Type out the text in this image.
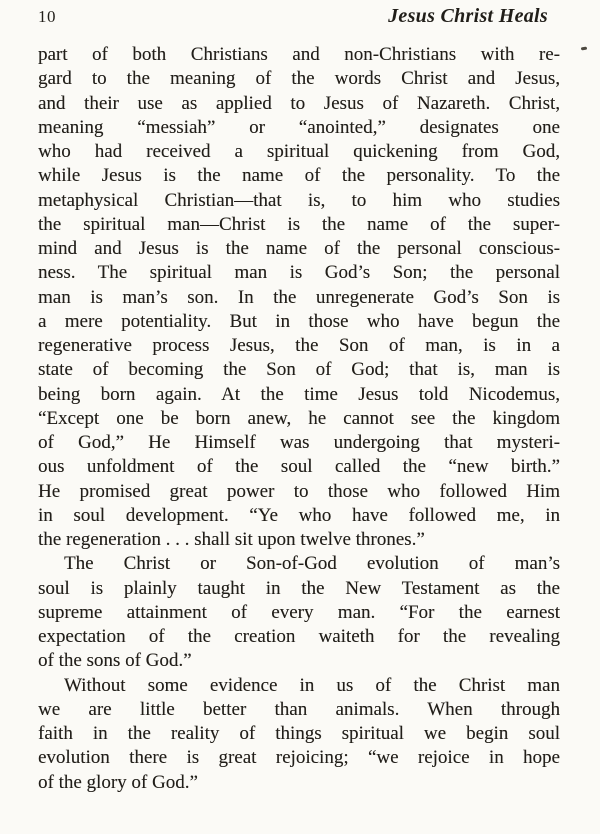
10	Jesus Christ Heals
part of both Christians and non-Christians with re-
gard to the meaning of the words Christ and Jesus,
and their use as applied to Jesus of Nazareth. Christ,
meaning “messiah” or “anointed,” designates one
who had received a spiritual quickening from God,
while Jesus is the name of the personality. To the
metaphysical Christian—that is, to him who studies
the spiritual man—Christ is the name of the super-
mind and Jesus is the name of the personal conscious-
ness. The spiritual man is God’s Son; the personal
man is man’s son. In the unregenerate God’s Son is
a mere potentiality. But in those who have begun the
regenerative process Jesus, the Son of man, is in a
state of becoming the Son of God; that is, man is
being born again. At the time Jesus told Nicodemus,
“Except one be born anew, he cannot see the kingdom
of God,” He Himself was undergoing that mysteri-
ous unfoldment of the soul called the “new birth.”
He promised great power to those who followed Him
in soul development. “Ye who have followed me, in
the regeneration . . . shall sit upon twelve thrones.”
The Christ or Son-of-God evolution of man’s
soul is plainly taught in the New Testament as the
supreme attainment of every man. “For the earnest
expectation of the creation waiteth for the revealing
of the sons of God.”
Without some evidence in us of the Christ man
we are little better than animals. When through
faith in the reality of things spiritual we begin soul
evolution there is great rejoicing; “we rejoice in hope
of the glory of God.”
